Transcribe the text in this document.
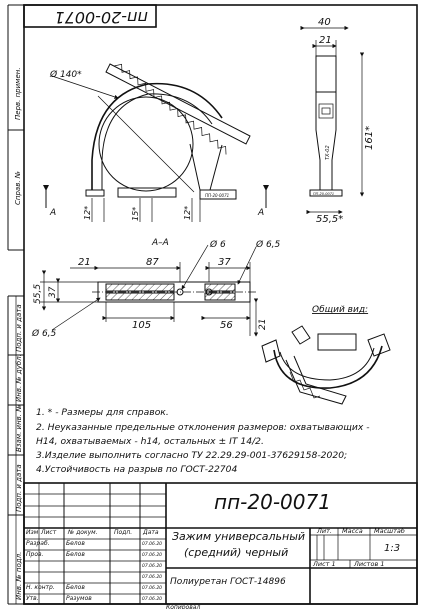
Перв. примен.
Справ. №
Подп. и дата
Инв. № дубл.
Взам. инв. №
Подп. и дата
Инв. № подл.
пп-20-0071
ПП-20-0071
Ø 140*
A	A
12*	15*	12*
ТХ-02
ПП-20-0071
40
21
161*
55,5*
A–A
87
21	37
Ø 6	Ø 6,5
55,5 37
105	56	21
Ø 6,5
Общий вид:
1. * - Размеры для справок.
2. Неуказанные предельные отклонения размеров: охватывающих -
H14, охватываемых - h14, остальных ± IT 14/2.
3.Изделие выполнить согласно ТУ 22.29.29-001-37629158-2020;
4.Устойчивость на разрыв по ГОСТ-22704
Изм Лист № докум.	Подп. Дата
Разраб.	Белов	07.06.20
Пров.	Белов	07.06.20
07.06.20
07.06.20
Н. контр. Белов	07.06.20
Утв.	Разумов	07.06.20
пп-20-0071
Зажим универсальный
(средний) черный
Полиуретан ГОСТ-14896
Лит. Масса Масштаб
1:3
Лист 1	Листов 1
Копировал
